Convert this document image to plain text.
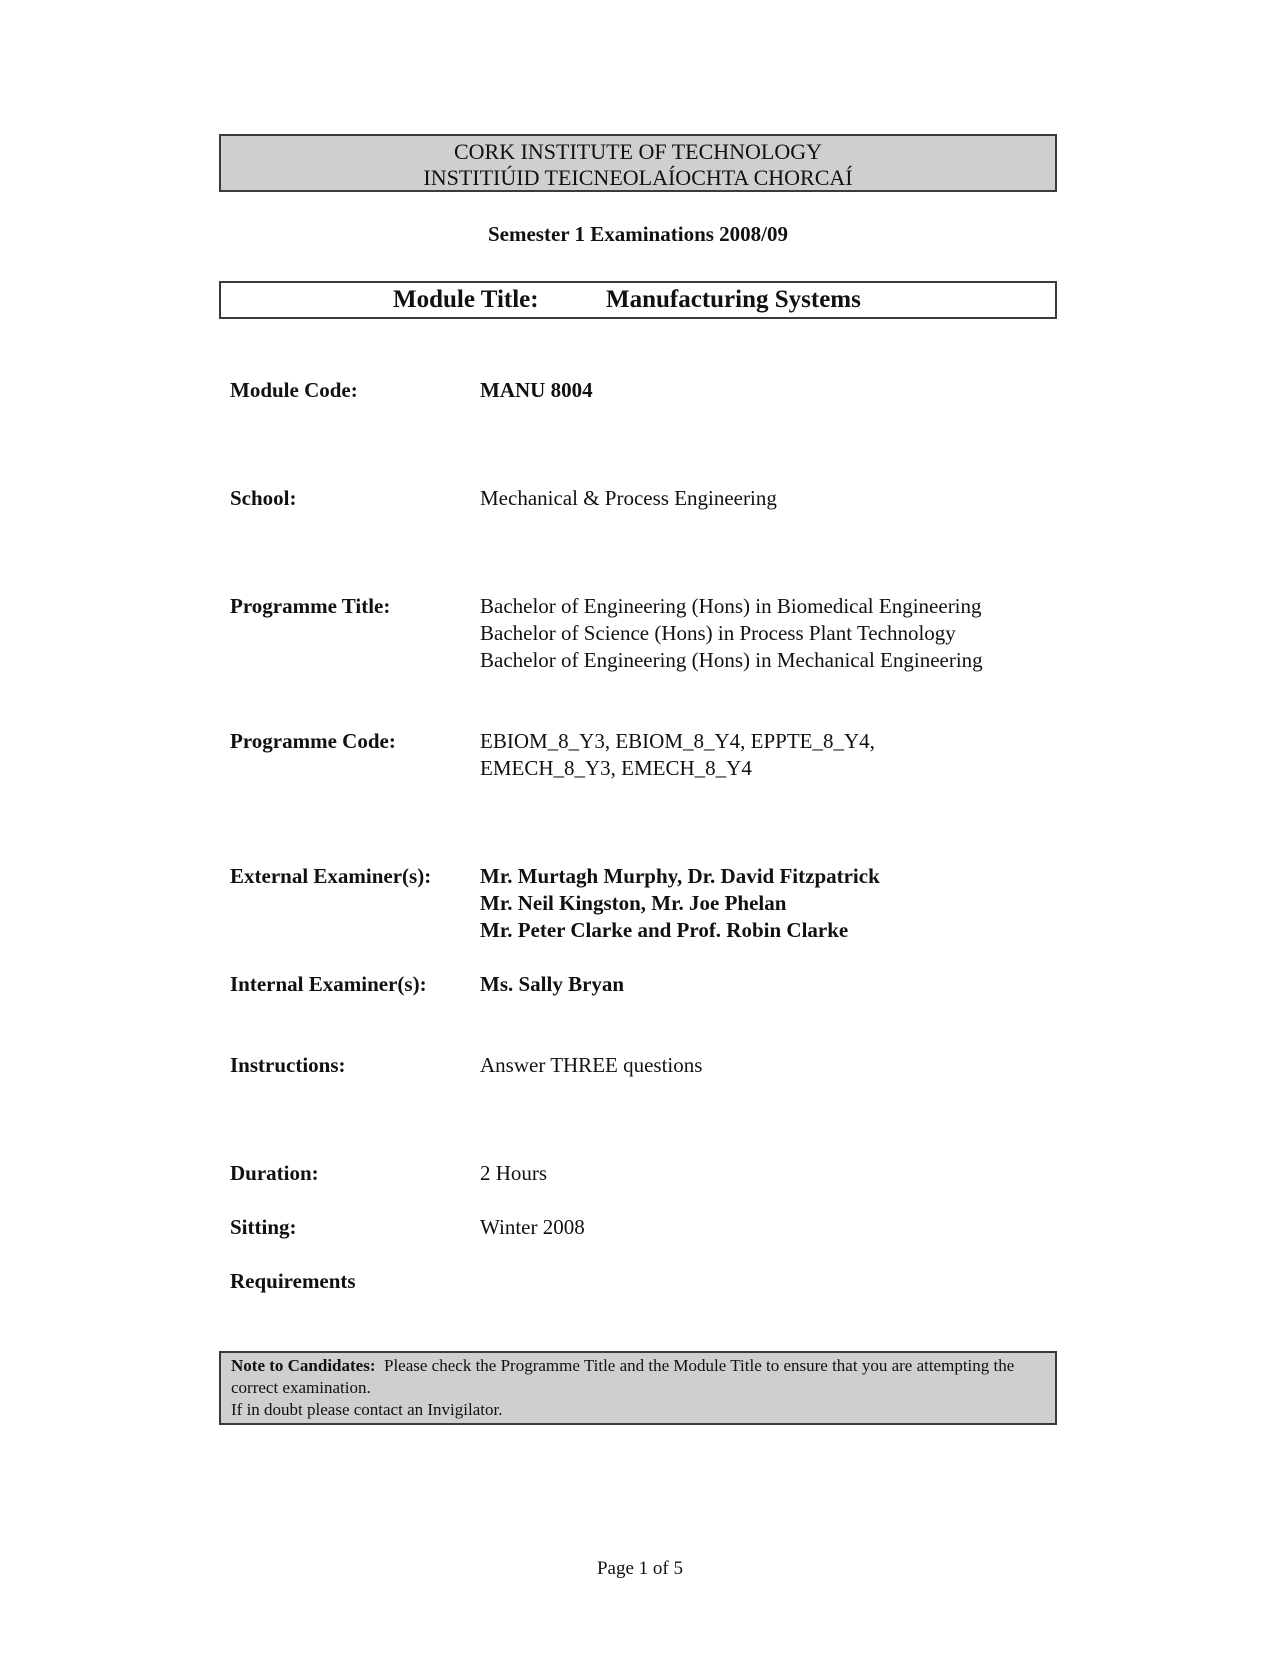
CORK INSTITUTE OF TECHNOLOGY
INSTITIÚID TEICNEOLAÍOCHTA CHORCAÍ
Semester 1 Examinations 2008/09
Module Title:	Manufacturing Systems
Module Code:	MANU 8004
School:	Mechanical & Process Engineering
Programme Title:	Bachelor of Engineering (Hons) in Biomedical Engineering
Bachelor of Science (Hons) in Process Plant Technology
Bachelor of Engineering (Hons) in Mechanical Engineering
Programme Code:	EBIOM_8_Y3, EBIOM_8_Y4, EPPTE_8_Y4,
EMECH_8_Y3, EMECH_8_Y4
External Examiner(s): Mr. Murtagh Murphy, Dr. David Fitzpatrick
Mr. Neil Kingston, Mr. Joe Phelan
Mr. Peter Clarke and Prof. Robin Clarke
Internal Examiner(s):	Ms. Sally Bryan
Instructions:	Answer THREE questions
Duration:	2 Hours
Sitting:	Winter 2008
Requirements
Note to Candidates: Please check the Programme Title and the Module Title to ensure that you are attempting the correct examination.
If in doubt please contact an Invigilator.
Page 1 of 5
